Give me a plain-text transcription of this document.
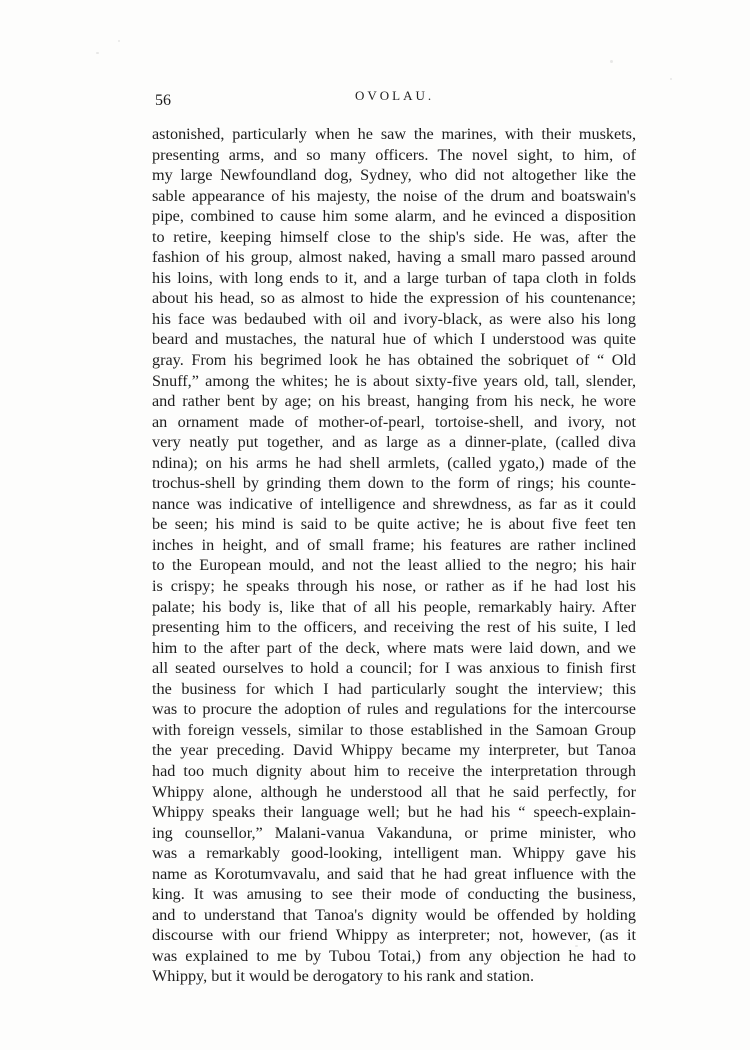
56	OVOLAU.
astonished, particularly when he saw the marines, with their muskets,
presenting arms, and so many officers. The novel sight, to him, of
my large Newfoundland dog, Sydney, who did not altogether like the
sable appearance of his majesty, the noise of the drum and boatswain's
pipe, combined to cause him some alarm, and he evinced a disposition
to retire, keeping himself close to the ship's side. He was, after the
fashion of his group, almost naked, having a small maro passed around
his loins, with long ends to it, and a large turban of tapa cloth in folds
about his head, so as almost to hide the expression of his countenance;
his face was bedaubed with oil and ivory-black, as were also his long
beard and mustaches, the natural hue of which I understood was quite
gray. From his begrimed look he has obtained the sobriquet of “ Old
Snuff,” among the whites; he is about sixty-five years old, tall, slender,
and rather bent by age; on his breast, hanging from his neck, he wore
an ornament made of mother-of-pearl, tortoise-shell, and ivory, not
very neatly put together, and as large as a dinner-plate, (called diva
ndina); on his arms he had shell armlets, (called ygato,) made of the
trochus-shell by grinding them down to the form of rings; his counte-
nance was indicative of intelligence and shrewdness, as far as it could
be seen; his mind is said to be quite active; he is about five feet ten
inches in height, and of small frame; his features are rather inclined
to the European mould, and not the least allied to the negro; his hair
is crispy; he speaks through his nose, or rather as if he had lost his
palate; his body is, like that of all his people, remarkably hairy. After
presenting him to the officers, and receiving the rest of his suite, I led
him to the after part of the deck, where mats were laid down, and we
all seated ourselves to hold a council; for I was anxious to finish first
the business for which I had particularly sought the interview; this
was to procure the adoption of rules and regulations for the intercourse
with foreign vessels, similar to those established in the Samoan Group
the year preceding. David Whippy became my interpreter, but Tanoa
had too much dignity about him to receive the interpretation through
Whippy alone, although he understood all that he said perfectly, for
Whippy speaks their language well; but he had his “ speech-explain-
ing counsellor,” Malani-vanua Vakanduna, or prime minister, who
was a remarkably good-looking, intelligent man. Whippy gave his
name as Korotumvavalu, and said that he had great influence with the
king. It was amusing to see their mode of conducting the business,
and to understand that Tanoa's dignity would be offended by holding
discourse with our friend Whippy as interpreter; not, however, (as it
was explained to me by Tubou Totai,) from any objection he had to
Whippy, but it would be derogatory to his rank and station.
